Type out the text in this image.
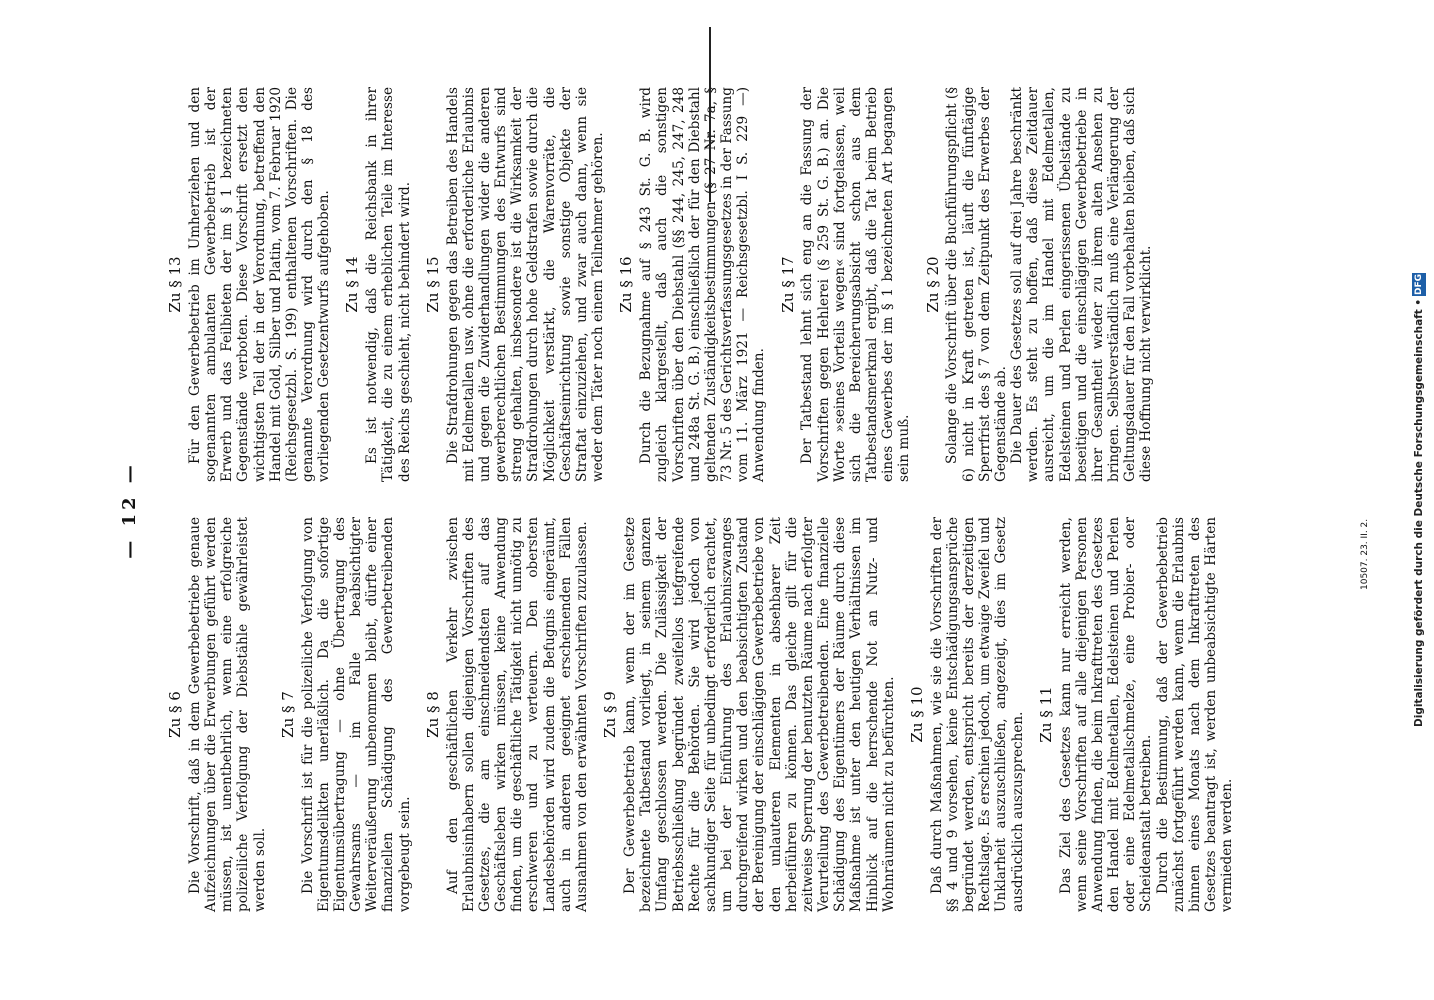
— 12 —
Zu § 6 Die Vorschrift, daß in dem Gewerbebetriebe genaue Aufzeichnungen über die Erwerbungen geführt werden müssen, ist unentbehrlich, wenn eine erfolgreiche polizeiliche Verfolgung der Diebstähle gewährleistet werden soll.

Zu § 7 Die Vorschrift ist für die polizeiliche Verfolgung von Eigentumsdelikten unerläßlich. Da die sofortige Eigentumsübertragung — ohne Übertragung des Gewahrsams — im Falle beabsichtigter Weiterveräußerung unbenommen bleibt, dürfte einer finanziellen Schädigung des Gewerbetreibenden vorgebeugt sein.

Zu § 8 Auf den geschäftlichen Verkehr zwischen Erlaubnisinhabern sollen diejenigen Vorschriften des Gesetzes, die am einschneidendsten auf das Geschäftsleben wirken müssen, keine Anwendung finden, um die geschäftliche Tätigkeit nicht unnötig zu erschweren und zu verteuern. Den obersten Landesbehörden wird zudem die Befugnis eingeräumt, auch in anderen geeignet erscheinenden Fällen Ausnahmen von den erwähnten Vorschriften zuzulassen. Zu § 9 Der Gewerbebetrieb kann, wenn der im Gesetze bezeichnete Tatbestand vorliegt, in seinem ganzen Umfang geschlossen werden. Die Zulässigkeit der Betriebsschließung begründet zweifellos tiefgreifende Rechte für die Behörden. Sie wird jedoch von sachkundiger Seite für unbedingt erforderlich erachtet, um bei der Einführung des Erlaubniszwanges durchgreifend wirken und den beabsichtigten Zustand der Bereinigung der einschlägigen Gewerbebetriebe von den unlauteren Elementen in absehbarer Zeit herbeiführen zu können. Das gleiche gilt für die zeitweise Sperrung der benutzten Räume nach erfolgter Verurteilung des Gewerbetreibenden. Eine finanzielle Schädigung des Eigentümers der Räume durch diese Maßnahme ist unter den heutigen Verhältnissen im Hinblick auf die herrschende Not an Nutz- und Wohnräumen nicht zu befürchten. Zu § 10 Daß durch Maßnahmen, wie sie die Vorschriften der §§ 4 und 9 vorsehen, keine Entschädigungsansprüche begründet werden, entspricht bereits der derzeitigen Rechtslage. Es erschien jedoch, um etwaige Zweifel und Unklarheit auszuschließen, angezeigt, dies im Gesetz ausdrücklich auszusprechen. Zu § 11 Das Ziel des Gesetzes kann nur erreicht werden, wenn seine Vorschriften auf alle diejenigen Personen Anwendung finden, die beim Inkrafttreten des Gesetzes den Handel mit Edelmetallen, Edelsteinen und Perlen oder eine Edelmetallschmelze, eine Probier- oder Scheideanstalt betreiben. Durch die Bestimmung, daß der Gewerbebetrieb zunächst fortgeführt werden kann, wenn die Erlaubnis binnen eines Monats nach dem Inkrafttreten des Gesetzes beantragt ist, werden unbeabsichtigte Härten vermieden werden.

Zu § 13 Für den Gewerbebetrieb im Umherziehen und den sogenannten ambulanten Gewerbebetrieb ist der Erwerb und das Feilbieten der im § 1 bezeichneten Gegenstände verboten. Diese Vorschrift ersetzt den wichtigsten Teil der in der Verordnung, betreffend den Handel mit Gold, Silber und Platin, vom 7. Februar 1920 (Reichsgesetzbl. S. 199) enthaltenen Vorschriften. Die genannte Verordnung wird durch den § 18 des vorliegenden Gesetzentwurfs aufgehoben. Zu § 14 Es ist notwendig, daß die Reichsbank in ihrer Tätigkeit, die zu einem erheblichen Teile im Interesse des Reichs geschieht, nicht behindert wird. Zu § 15 Die Strafdrohungen gegen das Betreiben des Handels mit Edelmetallen usw. ohne die erforderliche Erlaubnis und gegen die Zuwiderhandlungen wider die anderen gewerberechtlichen Bestimmungen des Entwurfs sind streng gehalten, insbesondere ist die Wirksamkeit der Strafdrohungen durch hohe Geldstrafen sowie durch die Möglichkeit verstärkt, die Warenvorräte, die Geschäftseinrichtung sowie sonstige Objekte der Straftat einzuziehen, und zwar auch dann, wenn sie weder dem Täter noch einem Teilnehmer gehören. Zu § 16 Durch die Bezugnahme auf § 243 St. G. B. wird zugleich klargestellt, daß auch die sonstigen Vorschriften über den Diebstahl (§§ 244, 245, 247, 248 und 248a St. G. B.) einschließlich der für den Diebstahl geltenden Zuständigkeitsbestimmungen (§ 27 Nr. 7a, § 73 Nr. 5 des Gerichtsverfassungsgesetzes in der Fassung vom 11. März 1921 — Reichsgesetzbl. I S. 229 —) Anwendung finden.

Zu § 17 Der Tatbestand lehnt sich eng an die Fassung der Vorschriften gegen Hehlerei (§ 259 St. G. B.) an. Die Worte »seines Vorteils wegen« sind fortgelassen, weil sich die Bereicherungsabsicht schon aus dem Tatbestandsmerkmal ergibt, daß die Tat beim Betrieb eines Gewerbes der im § 1 bezeichneten Art begangen sein muß.

Zu § 20 Solange die Vorschrift über die Buchführungspflicht (§ 6) nicht in Kraft getreten ist, läuft die fünftägige Sperrfrist des § 7 von dem Zeitpunkt des Erwerbes der Gegenstände ab. Die Dauer des Gesetzes soll auf drei Jahre beschränkt werden. Es steht zu hoffen, daß diese Zeitdauer ausreicht, um die im Handel mit Edelmetallen, Edelsteinen und Perlen eingerissenen Übelstände zu beseitigen und die einschlägigen Gewerbebetriebe in ihrer Gesamtheit wieder zu ihrem alten Ansehen zu bringen. Selbstverständlich muß eine Verlängerung der Geltungsdauer für den Fall vorbehalten bleiben, daß sich diese Hoffnung nicht verwirklicht.

10507. 23. II. 2.	Digitalisierung gefördert durch die Deutsche Forschungsgemeinschaft • DFG
